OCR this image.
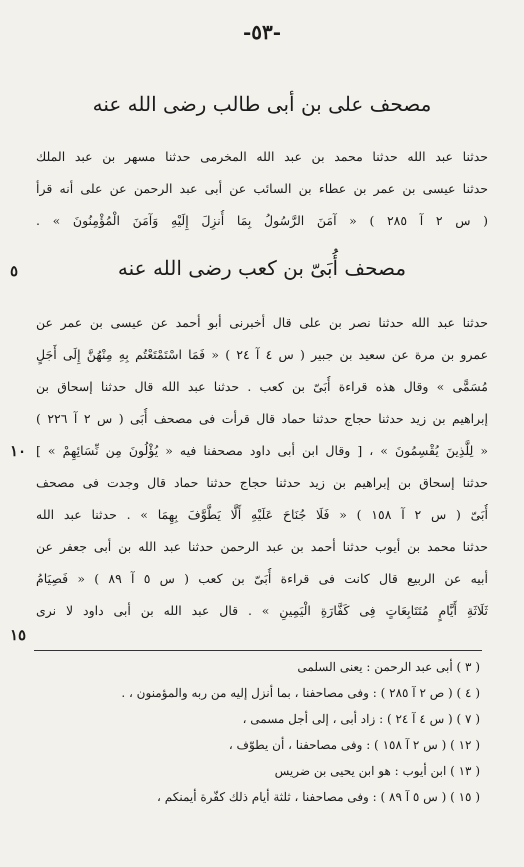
-٥٣-
مصحف على بن أبى طالب رضى الله عنه
حدثنا عبد الله حدثنا محمد بن عبد الله المخرمى حدثنا مسهر بن عبد الملك
حدثنا عيسى بن عمر بن عطاء بن السائب عن أبى عبد الرحمن عن على أنه قرأ
( س ٢ آ ٢٨٥ ) « آمَنَ الرَّسُولُ بِمَا أُنزِلَ إِلَيْهِ وَآمَنَ الْمُؤْمِنُونَ » .
مصحف أُبَىّ بن كعب رضى الله عنه
٥
حدثنا عبد الله حدثنا نصر بن على قال أخبرنى أبو أحمد عن عيسى بن عمر عن
عمرو بن مرة عن سعيد بن جبير ( س ٤ آ ٢٤ ) « فَمَا اسْتَمْتَعْتُم بِهِ مِنْهُنَّ إِلَى أَجَلٍ
مُسَمًّى » وقال هذه قراءة أُبَىّ بن كعب . حدثنا عبد الله قال حدثنا إسحاق بن
إبراهيم بن زيد حدثنا حجاج حدثنا حماد قال قرأت فى مصحف أُبَى ( س ٢ آ ٢٢٦ )
« لِلَّذِينَ يُقْسِمُونَ » ، [ وقال ابن أبى داود مصحفنا فيه « يُؤْلُونَ مِن نِّسَائِهِمْ » ]
١٠
حدثنا إسحاق بن إبراهيم بن زيد حدثنا حجاج حدثنا حماد قال وجدت فى مصحف
أُبَىّ ( س ٢ آ ١٥٨ ) « فَلَا جُنَاحَ عَلَيْهِ أَلَّا يَطَّوَّفَ بِهِمَا » . حدثنا عبد الله
حدثنا محمد بن أيوب حدثنا أحمد بن عبد الرحمن حدثنا عبد الله بن أبى جعفر عن
أبيه عن الربيع قال كانت فى قراءة أُبَىّ بن كعب ( س ٥ آ ٨٩ ) « فَصِيَامُ
ثَلَاثَةِ أَيَّامٍ مُتَتَابِعَاتٍ فِى كَفَّارَةِ الْيَمِينِ » . قال عبد الله بن أبى داود لا نرى
١٥
( ٣ ) أبى عبد الرحمن : يعنى السلمى
( ٤ ) ( ص ٢ آ ٢٨٥ ) : وفى مصاحفنا ، بما أنزل إليه من ربه والمؤمنون ، .
( ٧ ) ( س ٤ آ ٢٤ ) : زاد أبى ، إلى أجل مسمى ،
( ١٢ ) ( س ٢ آ ١٥٨ ) : وفى مصاحفنا ، أن يطوّف ،
( ١٣ ) ابن أيوب : هو ابن يحيى بن ضريس
( ١٥ ) ( س ٥ آ ٨٩ ) : وفى مصاحفنا ، ثلثة أيام ذلك كفّرة أيمنكم ،
